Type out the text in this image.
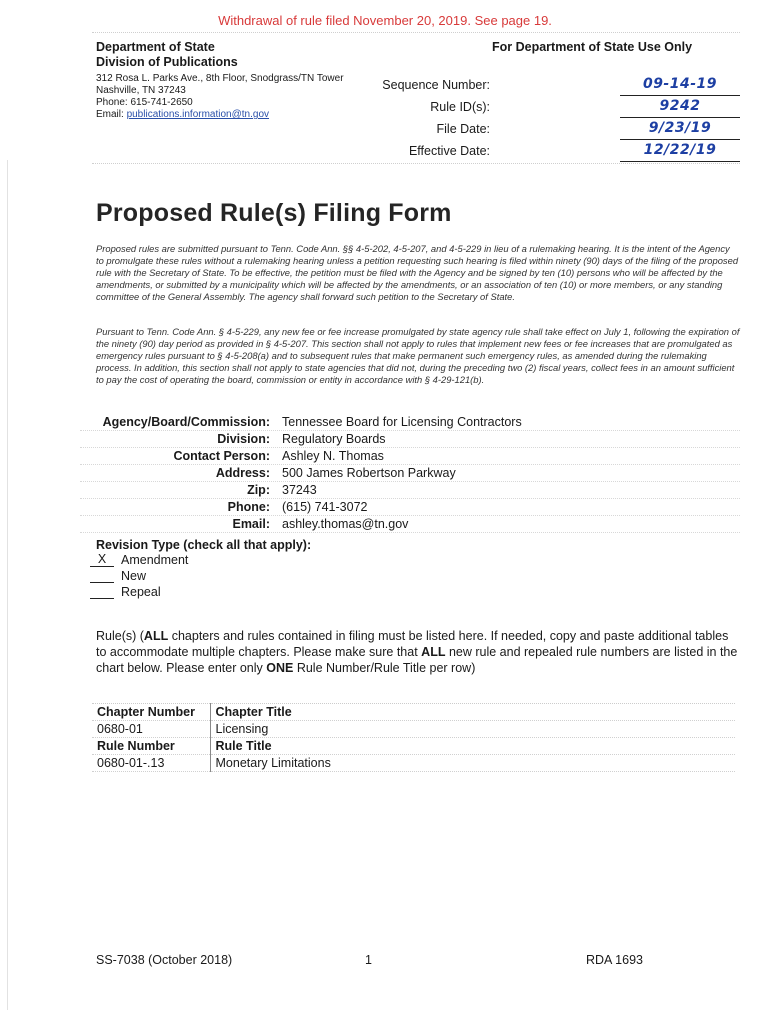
Withdrawal of rule filed November 20, 2019. See page 19.
Department of State
Division of Publications
312 Rosa L. Parks Ave., 8th Floor, Snodgrass/TN Tower
Nashville, TN 37243
Phone: 615-741-2650
Email: publications.information@tn.gov
For Department of State Use Only
Sequence Number:	09-14-19
Rule ID(s):	9242
File Date:	9/23/19
Effective Date:	12/22/19
Proposed Rule(s) Filing Form
Proposed rules are submitted pursuant to Tenn. Code Ann. §§ 4-5-202, 4-5-207, and 4-5-229 in lieu of a rulemaking hearing. It is the intent of the Agency to promulgate these rules without a rulemaking hearing unless a petition requesting such hearing is filed within ninety (90) days of the filing of the proposed rule with the Secretary of State. To be effective, the petition must be filed with the Agency and be signed by ten (10) persons who will be affected by the amendments, or submitted by a municipality which will be affected by the amendments, or an association of ten (10) or more members, or any standing committee of the General Assembly. The agency shall forward such petition to the Secretary of State.
Pursuant to Tenn. Code Ann. § 4-5-229, any new fee or fee increase promulgated by state agency rule shall take effect on July 1, following the expiration of the ninety (90) day period as provided in § 4-5-207. This section shall not apply to rules that implement new fees or fee increases that are promulgated as emergency rules pursuant to § 4-5-208(a) and to subsequent rules that make permanent such emergency rules, as amended during the rulemaking process. In addition, this section shall not apply to state agencies that did not, during the preceding two (2) fiscal years, collect fees in an amount sufficient to pay the cost of operating the board, commission or entity in accordance with § 4-29-121(b).
Agency/Board/Commission: Tennessee Board for Licensing Contractors
Division: Regulatory Boards
Contact Person: Ashley N. Thomas
Address: 500 James Robertson Parkway
Zip: 37243
Phone: (615) 741-3072
Email: ashley.thomas@tn.gov
Revision Type (check all that apply):
X Amendment
New
Repeal
Rule(s) (ALL chapters and rules contained in filing must be listed here. If needed, copy and paste additional tables to accommodate multiple chapters. Please make sure that ALL new rule and repealed rule numbers are listed in the chart below. Please enter only ONE Rule Number/Rule Title per row)
Chapter Number	Chapter Title
0680-01	Licensing
Rule Number	Rule Title
0680-01-.13	Monetary Limitations
SS-7038 (October 2018)	1	RDA 1693
